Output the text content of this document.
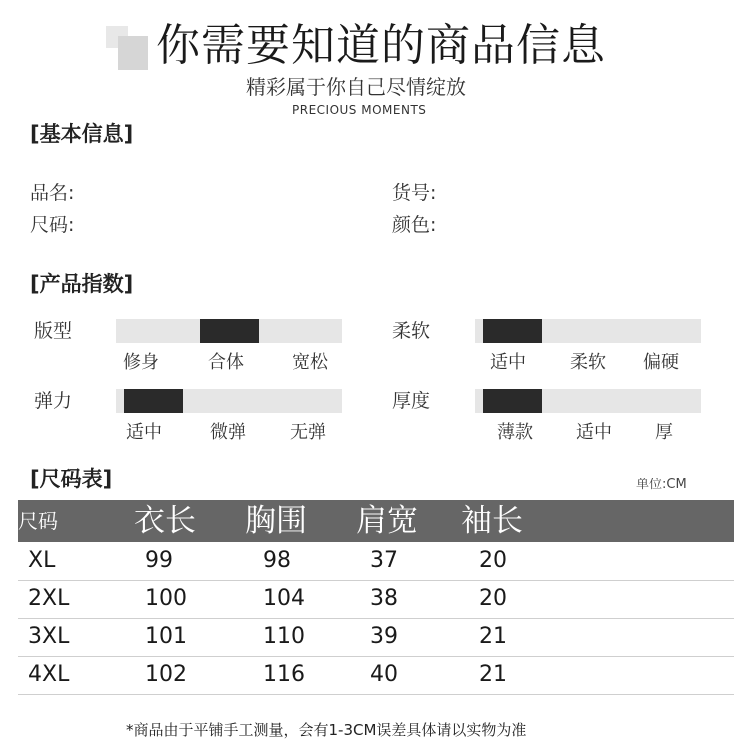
你需要知道的商品信息
精彩属于你自己尽情绽放
PRECIOUS MOMENTS
[基本信息]
品名:	货号:
尺码:	颜色:
[产品指数]
版型
修身	合体	宽松
柔软
适中 柔软 偏硬
弹力
适中	微弹 无弹
厚度
薄款 适中 厚
[尺码表]	单位:CM
尺码 衣长 胸围 肩宽 袖长
XL	99	98	37	20
2XL	100	104	38	20
3XL	101	110	39	21
4XL	102	116	40	21
*商品由于平铺手工测量，会有1-3CM误差具体请以实物为准
